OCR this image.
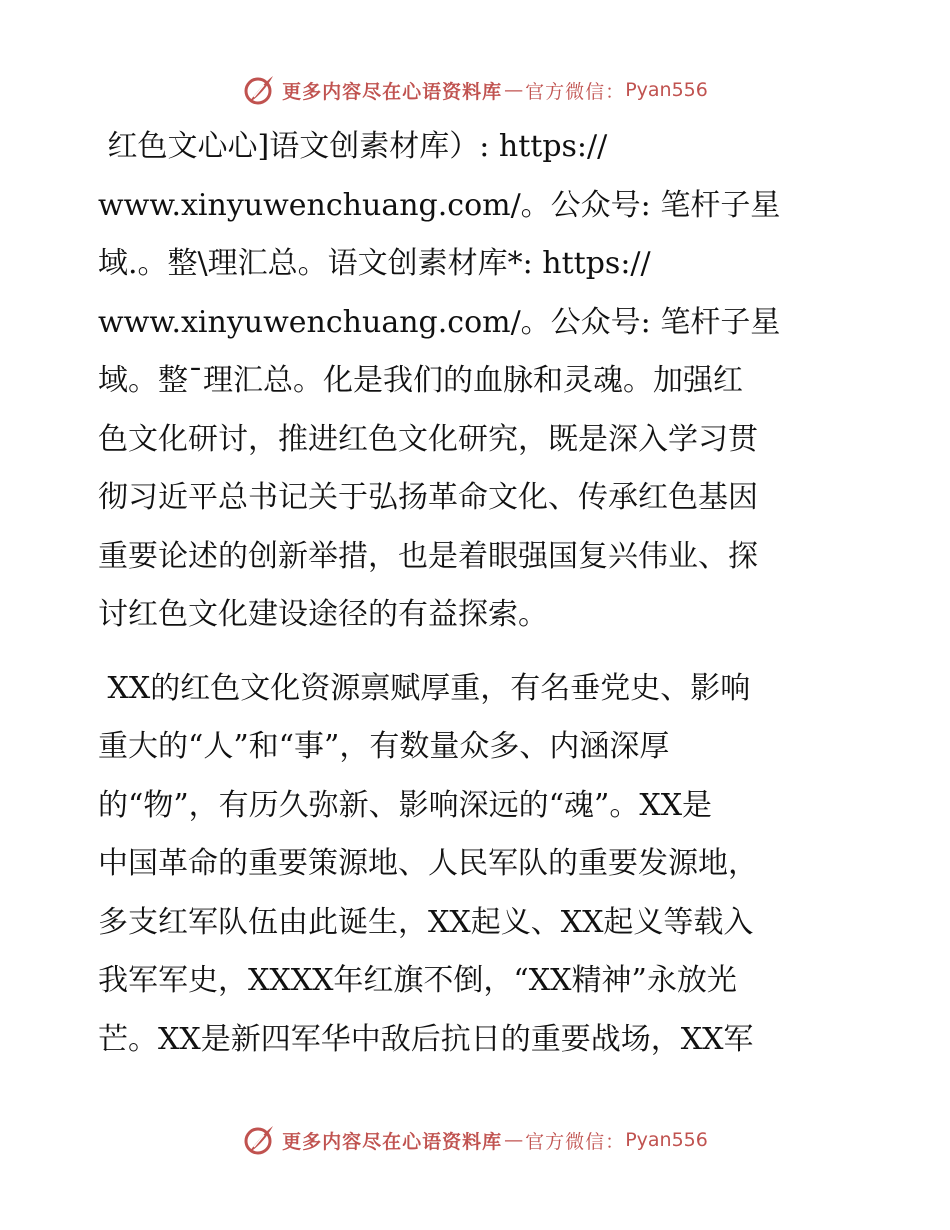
更多内容尽在心语资料库 — 官方微信： Pyan556

红色文心心]语文创素材库）: https://
www.xinyuwenchuang.com/。公众号: 笔杆子星
域.。整\理汇总。语文创素材库*: https://
www.xinyuwenchuang.com/。公众号: 笔杆子星
域。整¯理汇总。化是我们的血脉和灵魂。加强红
色文化研讨，推进红色文化研究，既是深入学习贯
彻习近平总书记关于弘扬革命文化、传承红色基因
重要论述的创新举措，也是着眼强国复兴伟业、探
讨红色文化建设途径的有益探索。

XX的红色文化资源禀赋厚重，有名垂党史、影响
重大的“人”和“事”，有数量众多、内涵深厚
的“物”，有历久弥新、影响深远的“魂”。XX是
中国革命的重要策源地、人民军队的重要发源地，
多支红军队伍由此诞生，XX起义、XX起义等载入
我军军史，XXXX年红旗不倒，“XX精神”永放光
芒。XX是新四军华中敌后抗日的重要战场，XX军

更多内容尽在心语资料库 — 官方微信： Pyan556
